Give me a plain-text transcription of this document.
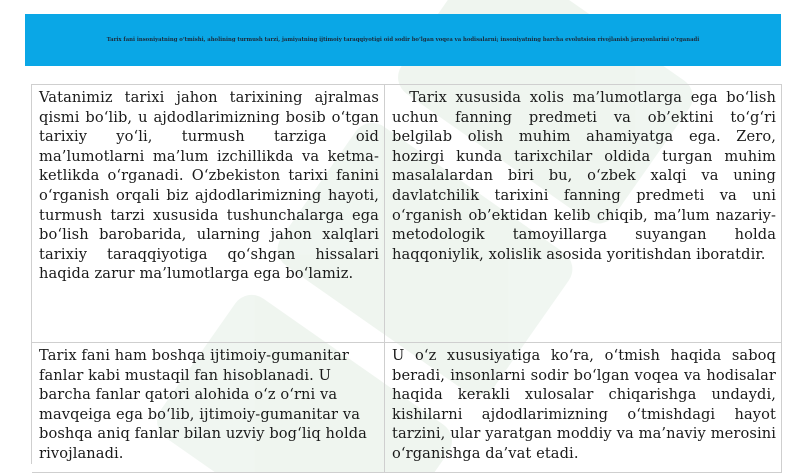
Tarix fani insoniyatning o‘tmishi, aholining turmush tarzi, jamiyatning ijtimoiy taraqqiyotigi oid sodir bo‘lgan voqea va hodisalarni; insoniyatning barcha evolutsion rivojlanish jarayonlarini o‘rganadi

Vatanimiz tarixi jahon tarixining ajralmas qismi bo‘lib, u ajdodlarimizning bosib o‘tgan tarixiy yo‘li, turmush tarziga oid ma’lumotlarni ma’lum izchillikda va ketma-ketlikda o‘rganadi. O‘zbekiston tarixi fanini o‘rganish orqali biz ajdodlarimizning hayoti, turmush tarzi xususida tushunchalarga ega bo‘lish barobarida, ularning jahon xalqlari tarixiy taraqqiyotiga qo‘shgan hissalari haqida zarur ma’lumotlarga ega bo‘lamiz.

Tarix xususida xolis ma’lumotlarga ega bo‘lish uchun fanning predmeti va ob’ektini to‘g‘ri belgilab olish muhim ahamiyatga ega. Zero, hozirgi kunda tarixchilar oldida turgan muhim masalalardan biri bu, o‘zbek xalqi va uning davlatchilik tarixini fanning predmeti va uni o‘rganish ob’ektidan kelib chiqib, ma’lum nazariy-metodologik tamoyillarga suyangan holda haqqoniylik, xolislik asosida yoritishdan iboratdir.

Tarix fani ham boshqa ijtimoiy-gumanitar fanlar kabi mustaqil fan hisoblanadi. U barcha fanlar qatori alohida o‘z o‘rni va mavqeiga ega bo‘lib, ijtimoiy-gumanitar va boshqa aniq fanlar bilan uzviy bog‘liq holda rivojlanadi.

U o‘z xususiyatiga ko‘ra, o‘tmish haqida saboq beradi, insonlarni sodir bo‘lgan voqea va hodisalar haqida kerakli xulosalar chiqarishga undaydi, kishilarni ajdodlarimizning o‘tmishdagi hayot tarzini, ular yaratgan moddiy va ma’naviy merosini o‘rganishga da’vat etadi.
